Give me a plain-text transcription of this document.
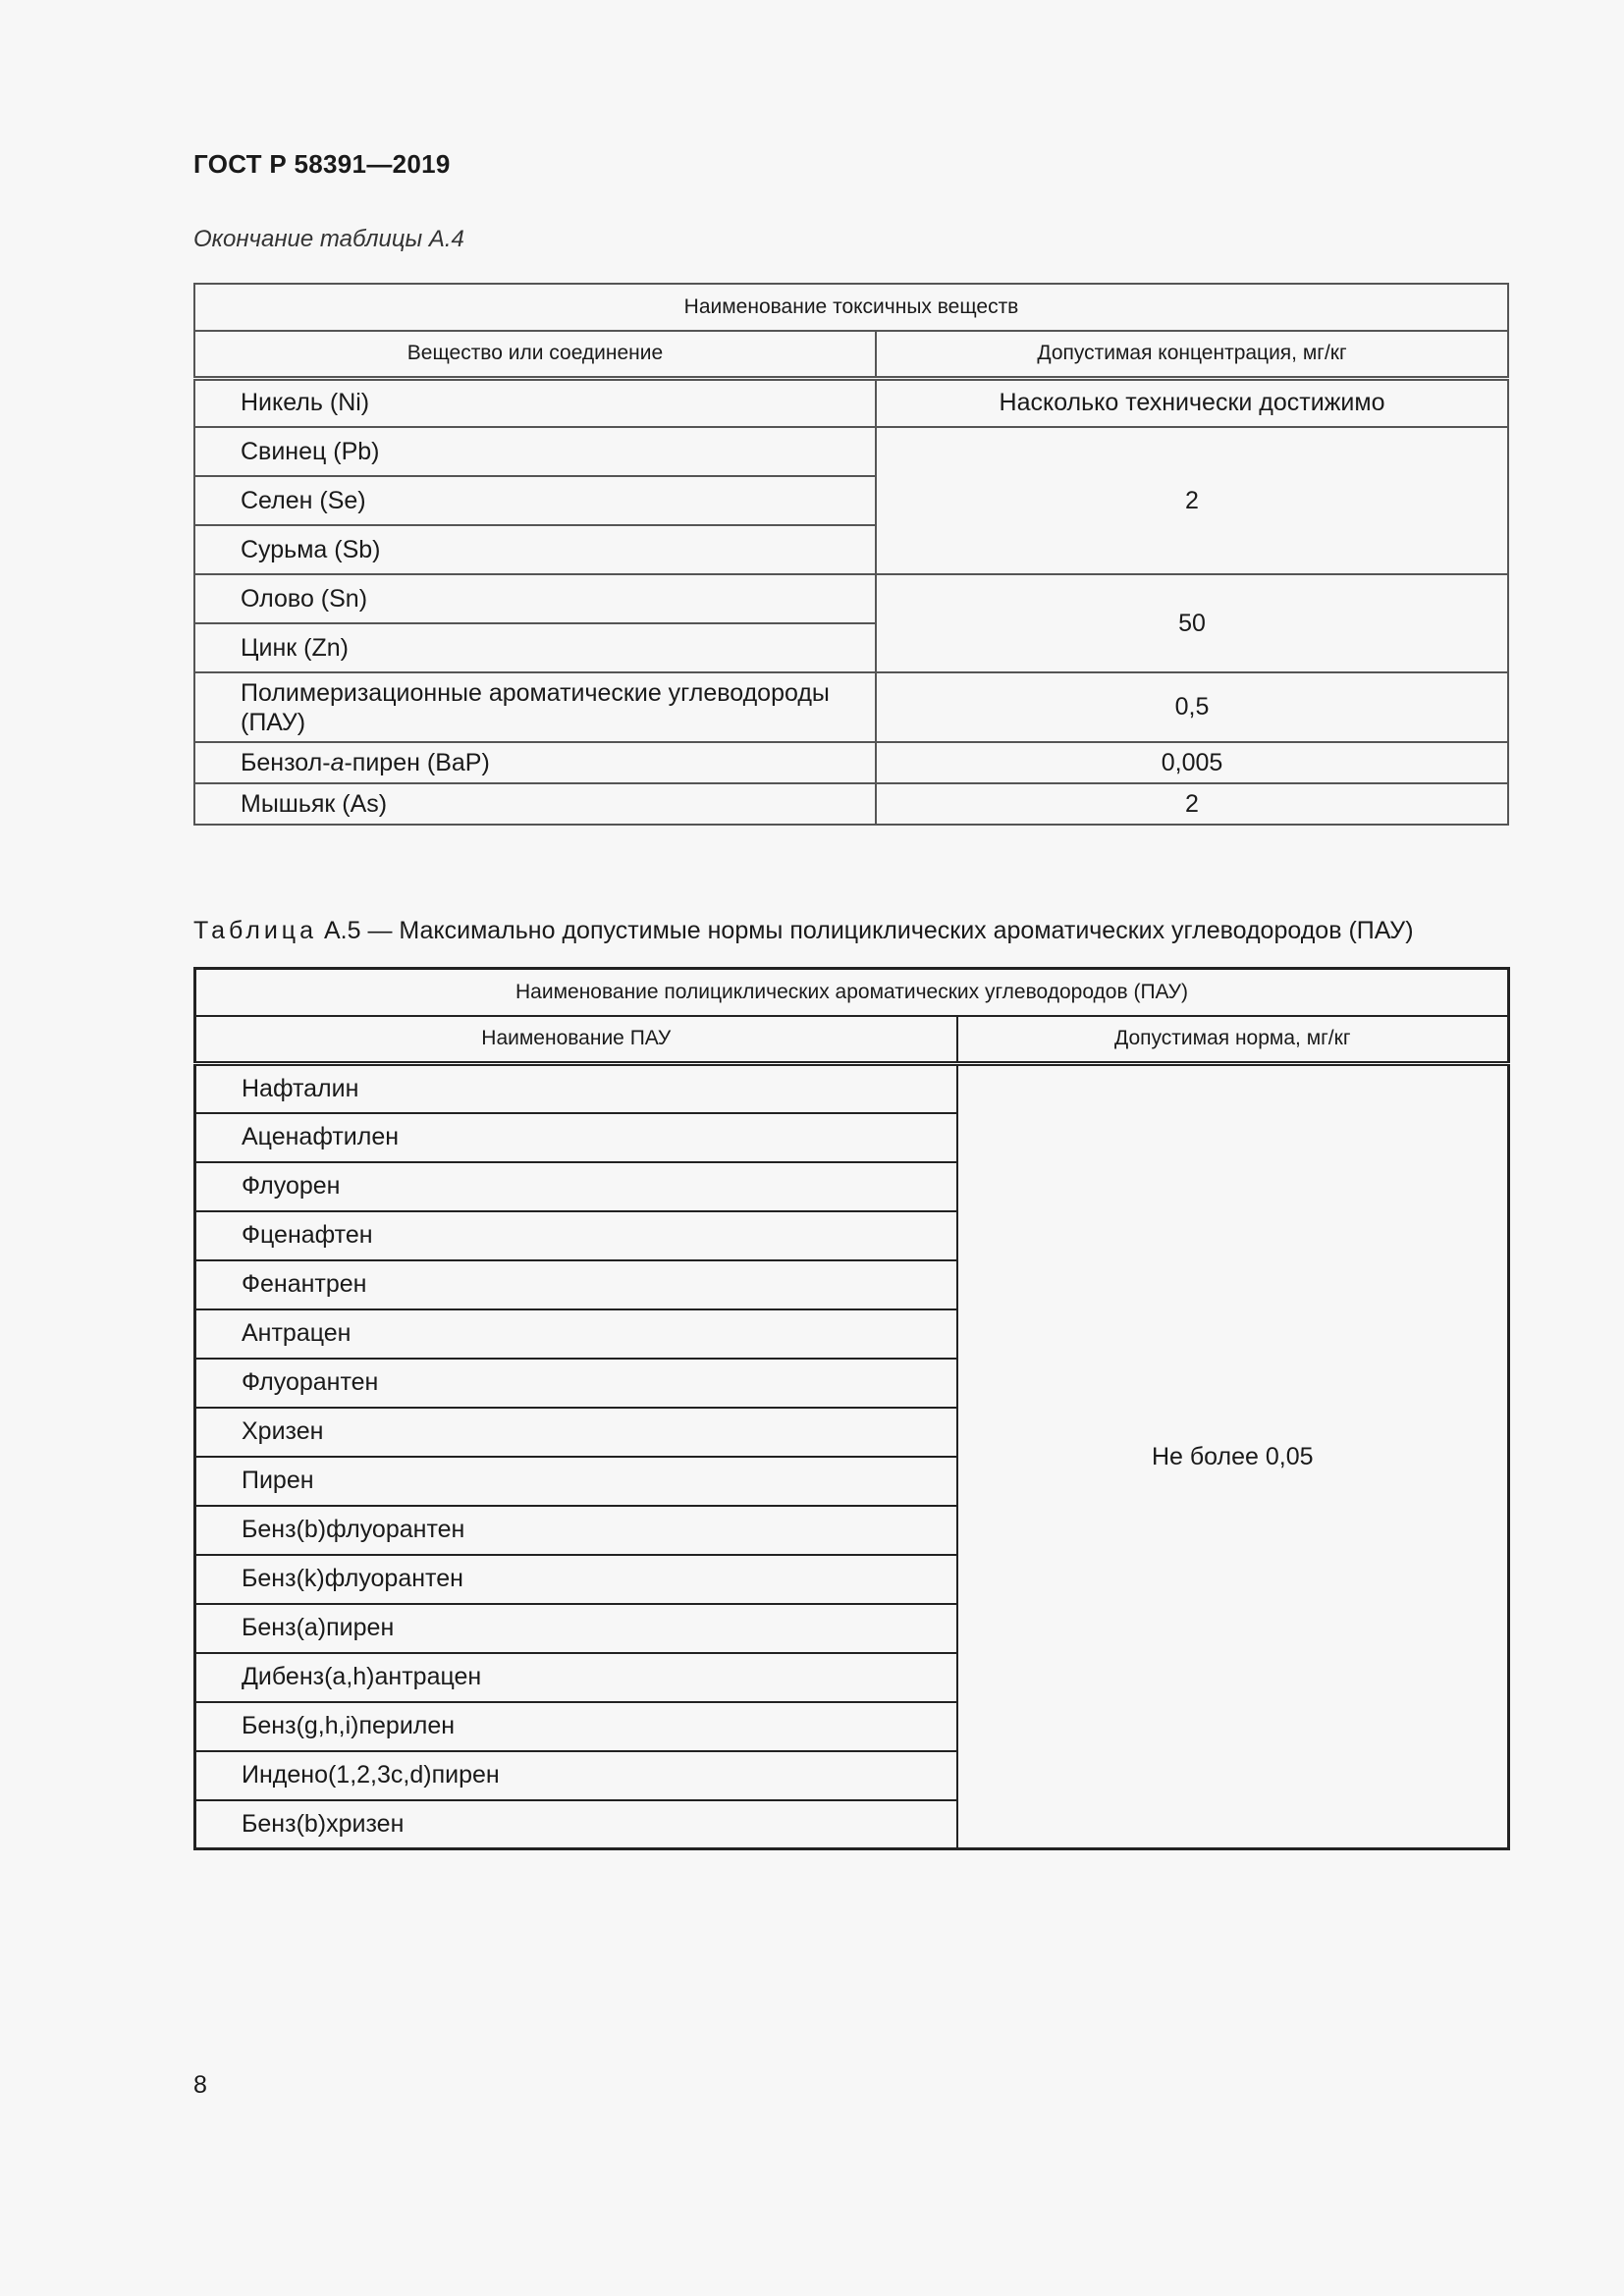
ГОСТ Р 58391—2019
Окончание таблицы А.4
Наименование токсичных веществ	
Вещество или соединение	Допустимая концентрация, мг/кг
Никель (Ni)	Насколько технически достижимо
Свинец (Pb)	2
Селен (Se)	
Сурьма (Sb)	
Олово (Sn)	50
Цинк (Zn)	
Полимеризационные ароматические углеводороды (ПАУ)	0,5
Бензол-а-пирен (BaP)	0,005
Мышьяк (As)	2
Таблица А.5 — Максимально допустимые нормы полициклических ароматических углеводородов (ПАУ)
Наименование полициклических ароматических углеводородов (ПАУ)	
Наименование ПАУ	Допустимая норма, мг/кг
Нафталин	Не более 0,05
Аценафтилен	
Флуорен	
Фценафтен	
Фенантрен	
Антрацен	
Флуорантен	
Хризен	
Пирен	
Бенз(b)флуорантен	
Бенз(k)флуорантен	
Бенз(а)пирен	
Дибенз(a,h)антрацен	
Бенз(g,h,i)перилен	
Индено(1,2,3c,d)пирен	
Бенз(b)хризен	
8
